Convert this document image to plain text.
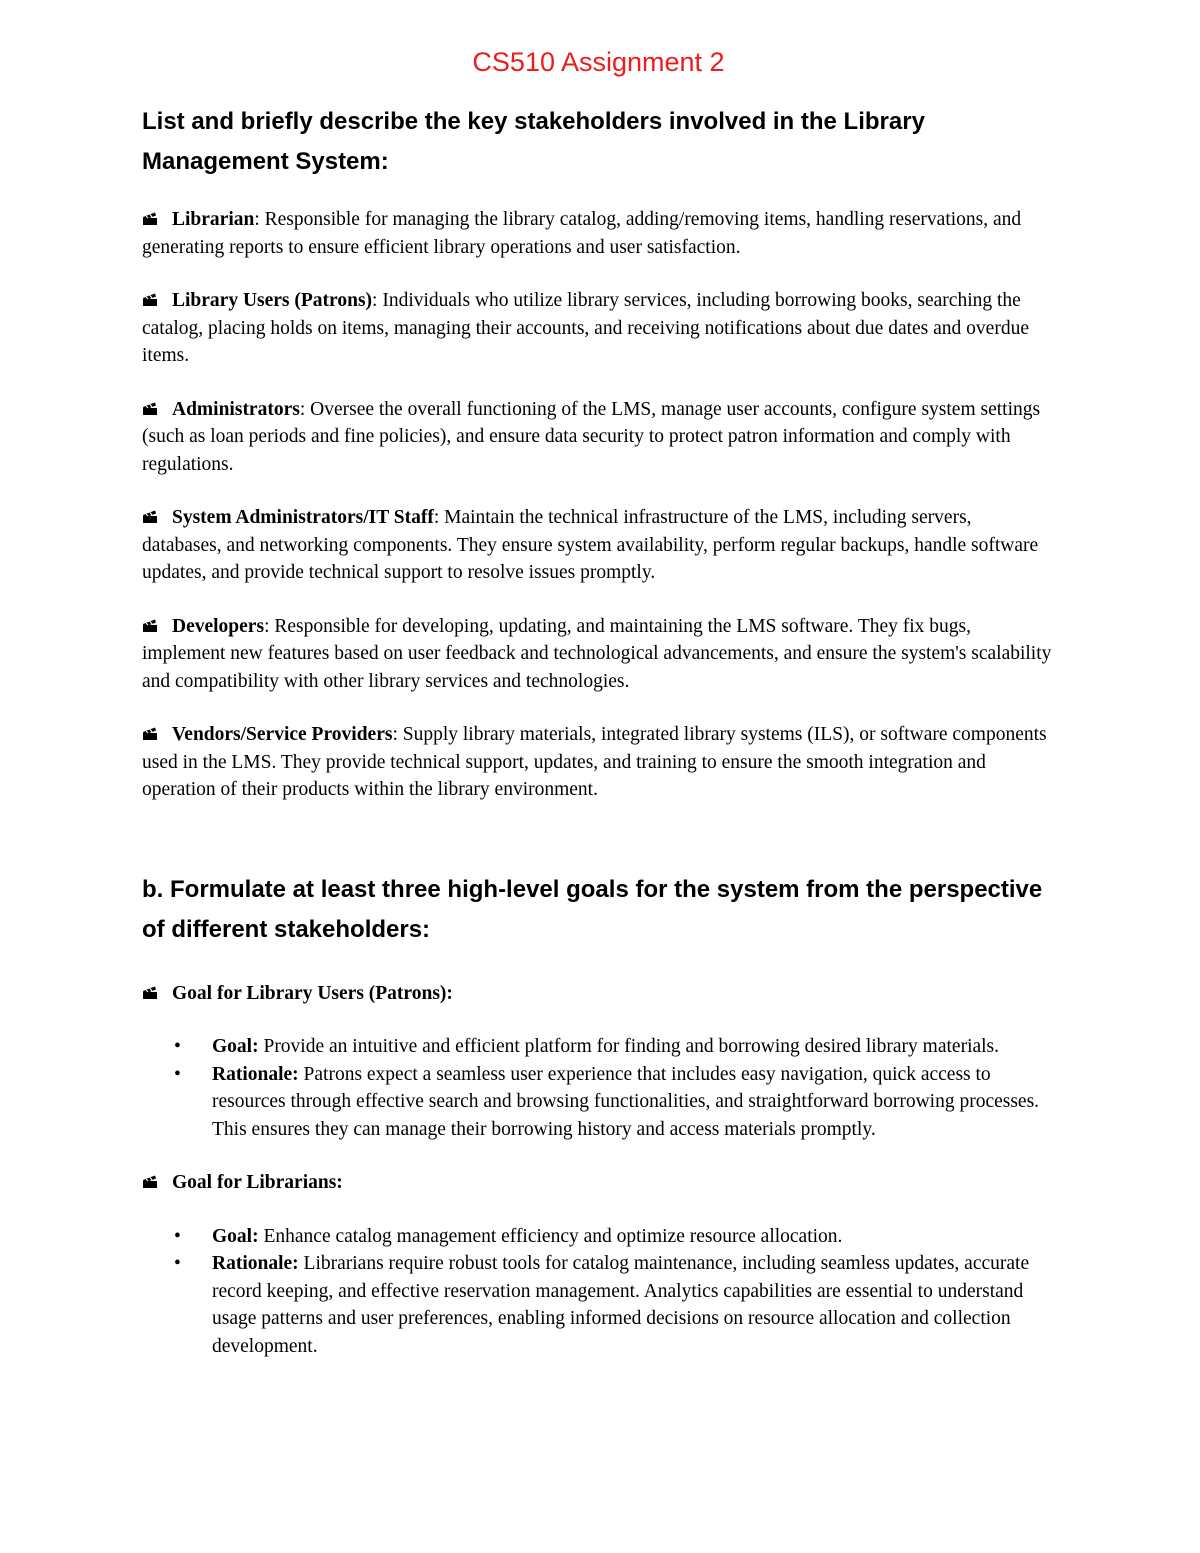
CS510 Assignment 2
List and briefly describe the key stakeholders involved in the Library Management System:
Librarian: Responsible for managing the library catalog, adding/removing items, handling reservations, and generating reports to ensure efficient library operations and user satisfaction.
Library Users (Patrons): Individuals who utilize library services, including borrowing books, searching the catalog, placing holds on items, managing their accounts, and receiving notifications about due dates and overdue items.
Administrators: Oversee the overall functioning of the LMS, manage user accounts, configure system settings (such as loan periods and fine policies), and ensure data security to protect patron information and comply with regulations.
System Administrators/IT Staff: Maintain the technical infrastructure of the LMS, including servers, databases, and networking components. They ensure system availability, perform regular backups, handle software updates, and provide technical support to resolve issues promptly.
Developers: Responsible for developing, updating, and maintaining the LMS software. They fix bugs, implement new features based on user feedback and technological advancements, and ensure the system's scalability and compatibility with other library services and technologies.
Vendors/Service Providers: Supply library materials, integrated library systems (ILS), or software components used in the LMS. They provide technical support, updates, and training to ensure the smooth integration and operation of their products within the library environment.
b. Formulate at least three high-level goals for the system from the perspective of different stakeholders:
Goal for Library Users (Patrons):
• Goal: Provide an intuitive and efficient platform for finding and borrowing desired library materials.
• Rationale: Patrons expect a seamless user experience that includes easy navigation, quick access to resources through effective search and browsing functionalities, and straightforward borrowing processes. This ensures they can manage their borrowing history and access materials promptly.
Goal for Librarians:
• Goal: Enhance catalog management efficiency and optimize resource allocation.
• Rationale: Librarians require robust tools for catalog maintenance, including seamless updates, accurate record keeping, and effective reservation management. Analytics capabilities are essential to understand usage patterns and user preferences, enabling informed decisions on resource allocation and collection development.
